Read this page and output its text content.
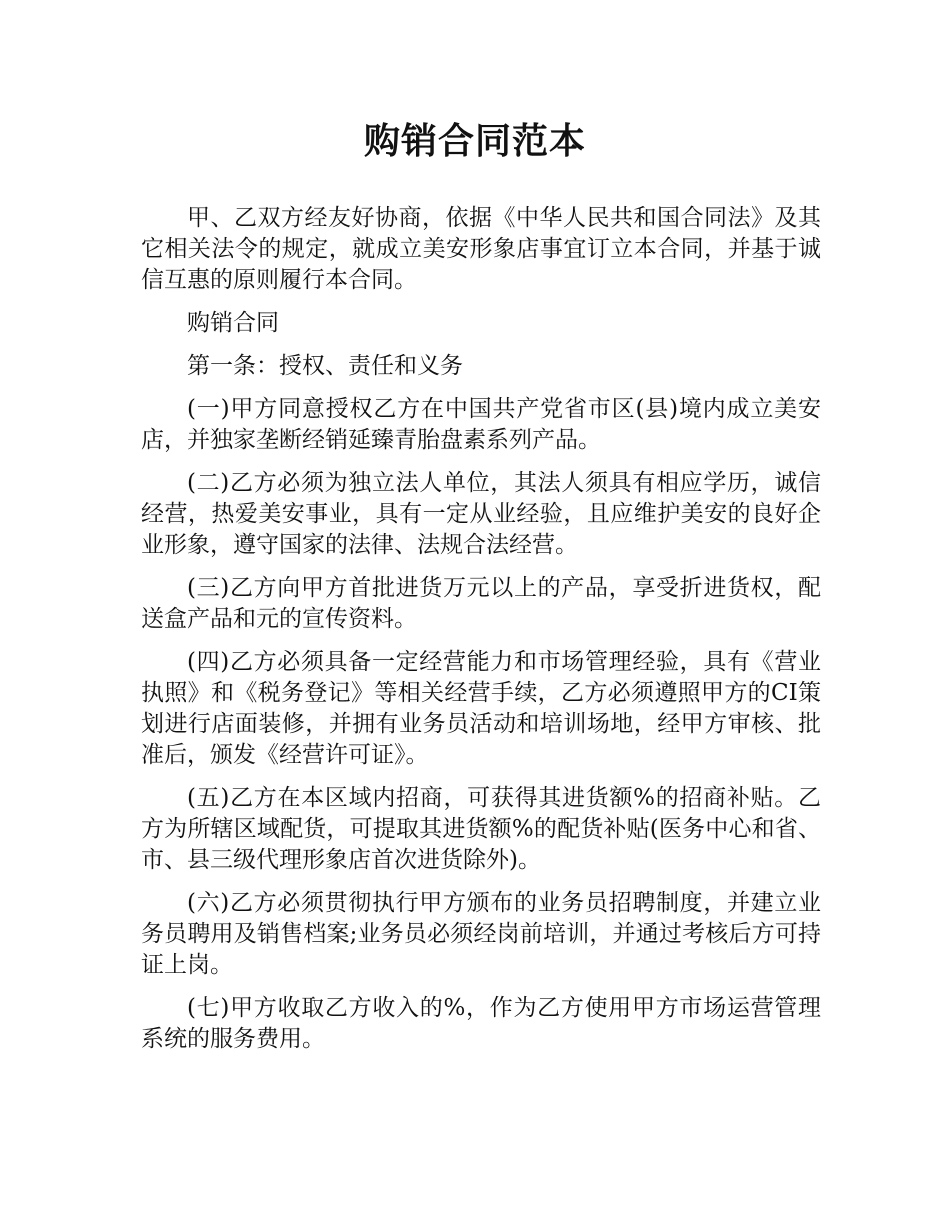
购销合同范本

甲、乙双方经友好协商，依据《中华人民共和国合同法》及其它相关法令的规定，就成立美安形象店事宜订立本合同，并基于诚信互惠的原则履行本合同。

购销合同

第一条：授权、责任和义务

(一)甲方同意授权乙方在中国共产党省市区(县)境内成立美安店，并独家垄断经销延臻青胎盘素系列产品。

(二)乙方必须为独立法人单位，其法人须具有相应学历，诚信经营，热爱美安事业，具有一定从业经验，且应维护美安的良好企业形象，遵守国家的法律、法规合法经营。

(三)乙方向甲方首批进货万元以上的产品，享受折进货权，配送盒产品和元的宣传资料。

(四)乙方必须具备一定经营能力和市场管理经验，具有《营业执照》和《税务登记》等相关经营手续，乙方必须遵照甲方的CI策划进行店面装修，并拥有业务员活动和培训场地，经甲方审核、批准后，颁发《经营许可证》。

(五)乙方在本区域内招商，可获得其进货额%的招商补贴。乙方为所辖区域配货，可提取其进货额%的配货补贴(医务中心和省、市、县三级代理形象店首次进货除外)。

(六)乙方必须贯彻执行甲方颁布的业务员招聘制度，并建立业务员聘用及销售档案;业务员必须经岗前培训，并通过考核后方可持证上岗。

(七)甲方收取乙方收入的%，作为乙方使用甲方市场运营管理系统的服务费用。
